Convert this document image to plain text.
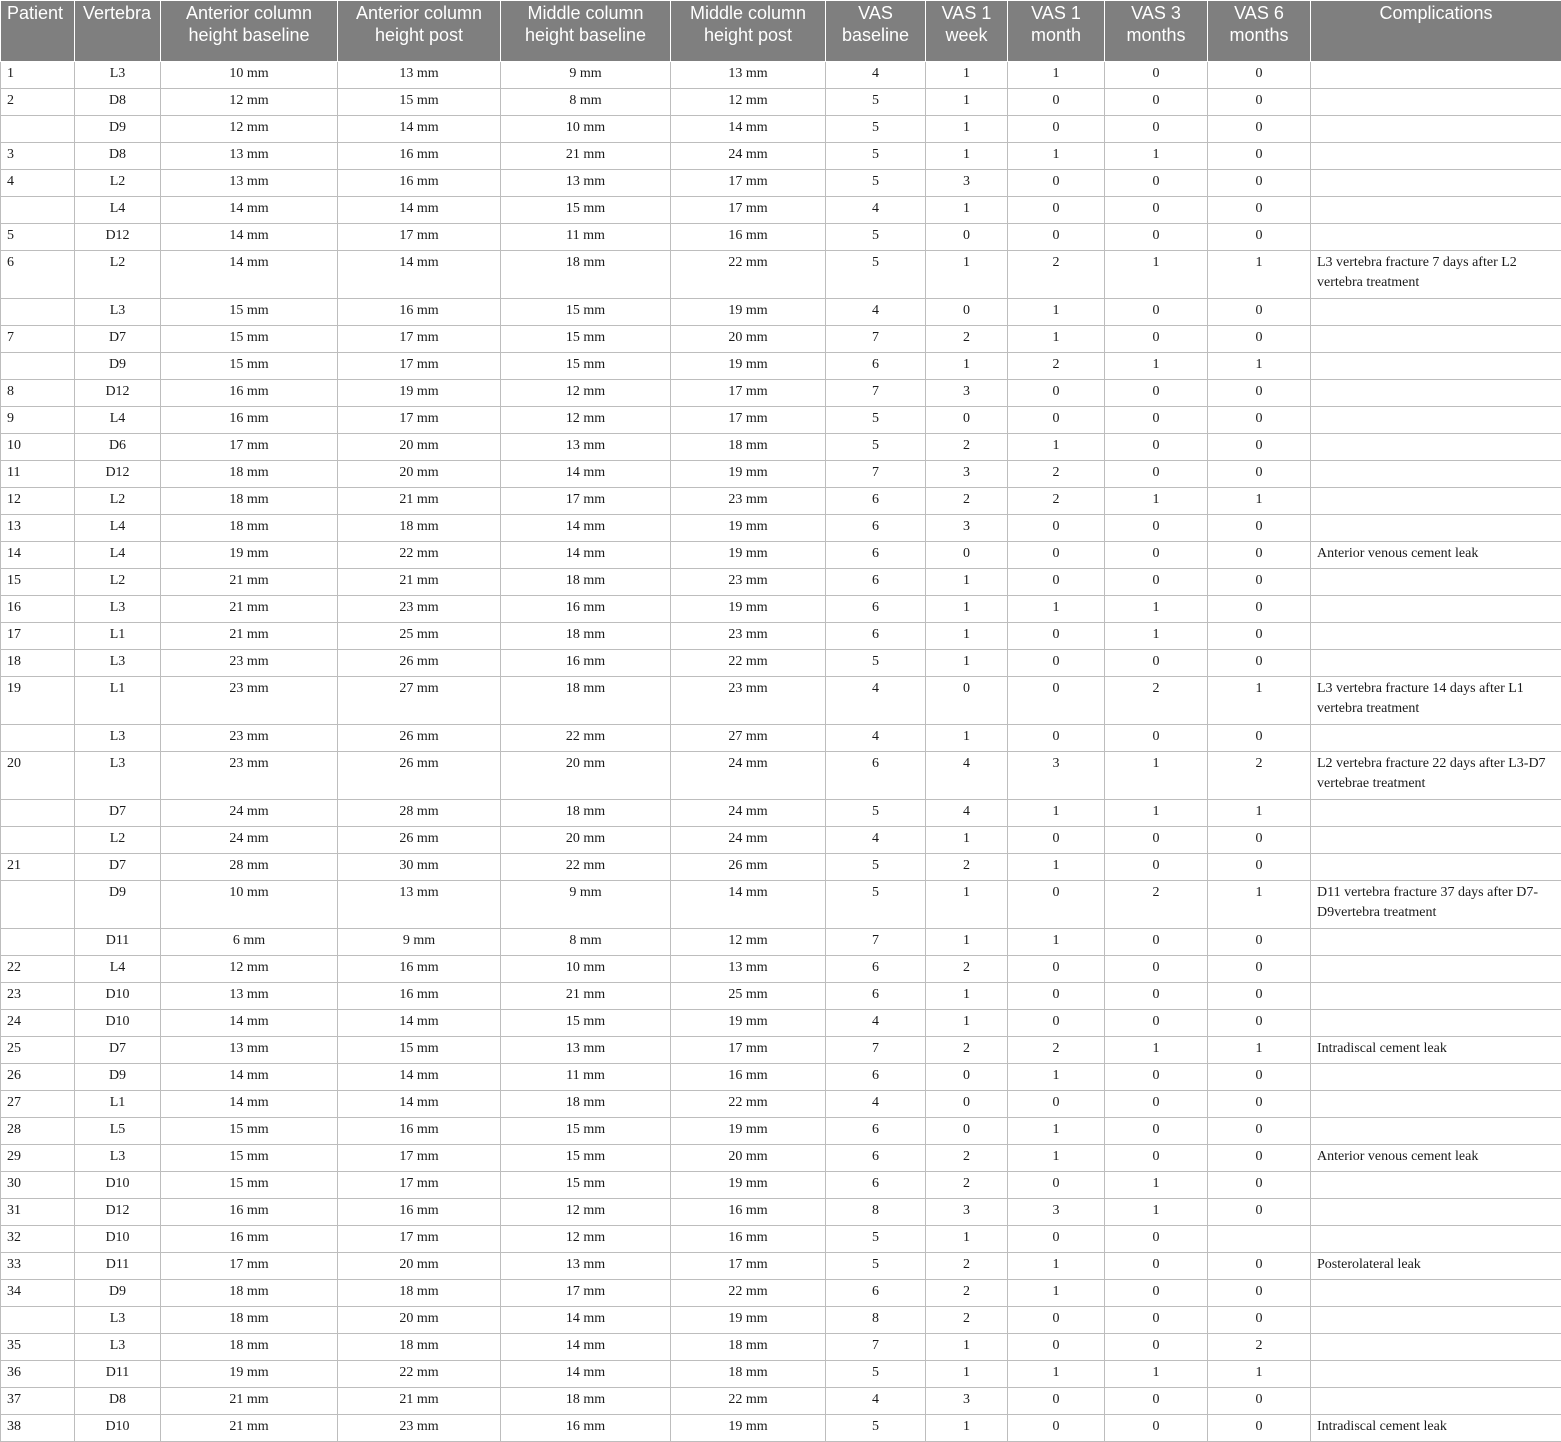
Patient	Vertebra	Anterior column height baseline	Anterior column height post	Middle column height baseline	Middle column height post	VAS baseline	VAS 1 week	VAS 1 month	VAS 3 months	VAS 6 months	Complications
1	L3	10 mm	13 mm	9 mm	13 mm	4	1	1	0	0	
2	D8	12 mm	15 mm	8 mm	12 mm	5	1	0	0	0	
	D9	12 mm	14 mm	10 mm	14 mm	5	1	0	0	0	
3	D8	13 mm	16 mm	21 mm	24 mm	5	1	1	1	0	
4	L2	13 mm	16 mm	13 mm	17 mm	5	3	0	0	0	
	L4	14 mm	14 mm	15 mm	17 mm	4	1	0	0	0	
5	D12	14 mm	17 mm	11 mm	16 mm	5	0	0	0	0	
6	L2	14 mm	14 mm	18 mm	22 mm	5	1	2	1	1	L3 vertebra fracture 7 days after L2 vertebra treatment
	L3	15 mm	16 mm	15 mm	19 mm	4	0	1	0	0	
7	D7	15 mm	17 mm	15 mm	20 mm	7	2	1	0	0	
	D9	15 mm	17 mm	15 mm	19 mm	6	1	2	1	1	
8	D12	16 mm	19 mm	12 mm	17 mm	7	3	0	0	0	
9	L4	16 mm	17 mm	12 mm	17 mm	5	0	0	0	0	
10	D6	17 mm	20 mm	13 mm	18 mm	5	2	1	0	0	
11	D12	18 mm	20 mm	14 mm	19 mm	7	3	2	0	0	
12	L2	18 mm	21 mm	17 mm	23 mm	6	2	2	1	1	
13	L4	18 mm	18 mm	14 mm	19 mm	6	3	0	0	0	
14	L4	19 mm	22 mm	14 mm	19 mm	6	0	0	0	0	Anterior venous cement leak
15	L2	21 mm	21 mm	18 mm	23 mm	6	1	0	0	0	
16	L3	21 mm	23 mm	16 mm	19 mm	6	1	1	1	0	
17	L1	21 mm	25 mm	18 mm	23 mm	6	1	0	1	0	
18	L3	23 mm	26 mm	16 mm	22 mm	5	1	0	0	0	
19	L1	23 mm	27 mm	18 mm	23 mm	4	0	0	2	1	L3 vertebra fracture 14 days after L1 vertebra treatment
	L3	23 mm	26 mm	22 mm	27 mm	4	1	0	0	0	
20	L3	23 mm	26 mm	20 mm	24 mm	6	4	3	1	2	L2 vertebra fracture 22 days after L3-D7 vertebrae treatment
	D7	24 mm	28 mm	18 mm	24 mm	5	4	1	1	1	
	L2	24 mm	26 mm	20 mm	24 mm	4	1	0	0	0	
21	D7	28 mm	30 mm	22 mm	26 mm	5	2	1	0	0	
	D9	10 mm	13 mm	9 mm	14 mm	5	1	0	2	1	D11 vertebra fracture 37 days after D7-D9vertebra treatment
	D11	6 mm	9 mm	8 mm	12 mm	7	1	1	0	0	
22	L4	12 mm	16 mm	10 mm	13 mm	6	2	0	0	0	
23	D10	13 mm	16 mm	21 mm	25 mm	6	1	0	0	0	
24	D10	14 mm	14 mm	15 mm	19 mm	4	1	0	0	0	
25	D7	13 mm	15 mm	13 mm	17 mm	7	2	2	1	1	Intradiscal cement leak
26	D9	14 mm	14 mm	11 mm	16 mm	6	0	1	0	0	
27	L1	14 mm	14 mm	18 mm	22 mm	4	0	0	0	0	
28	L5	15 mm	16 mm	15 mm	19 mm	6	0	1	0	0	
29	L3	15 mm	17 mm	15 mm	20 mm	6	2	1	0	0	Anterior venous cement leak
30	D10	15 mm	17 mm	15 mm	19 mm	6	2	0	1	0	
31	D12	16 mm	16 mm	12 mm	16 mm	8	3	3	1	0	
32	D10	16 mm	17 mm	12 mm	16 mm	5	1	0	0		
33	D11	17 mm	20 mm	13 mm	17 mm	5	2	1	0	0	Posterolateral leak
34	D9	18 mm	18 mm	17 mm	22 mm	6	2	1	0	0	
	L3	18 mm	20 mm	14 mm	19 mm	8	2	0	0	0	
35	L3	18 mm	18 mm	14 mm	18 mm	7	1	0	0	2	
36	D11	19 mm	22 mm	14 mm	18 mm	5	1	1	1	1	
37	D8	21 mm	21 mm	18 mm	22 mm	4	3	0	0	0	
38	D10	21 mm	23 mm	16 mm	19 mm	5	1	0	0	0	Intradiscal cement leak
